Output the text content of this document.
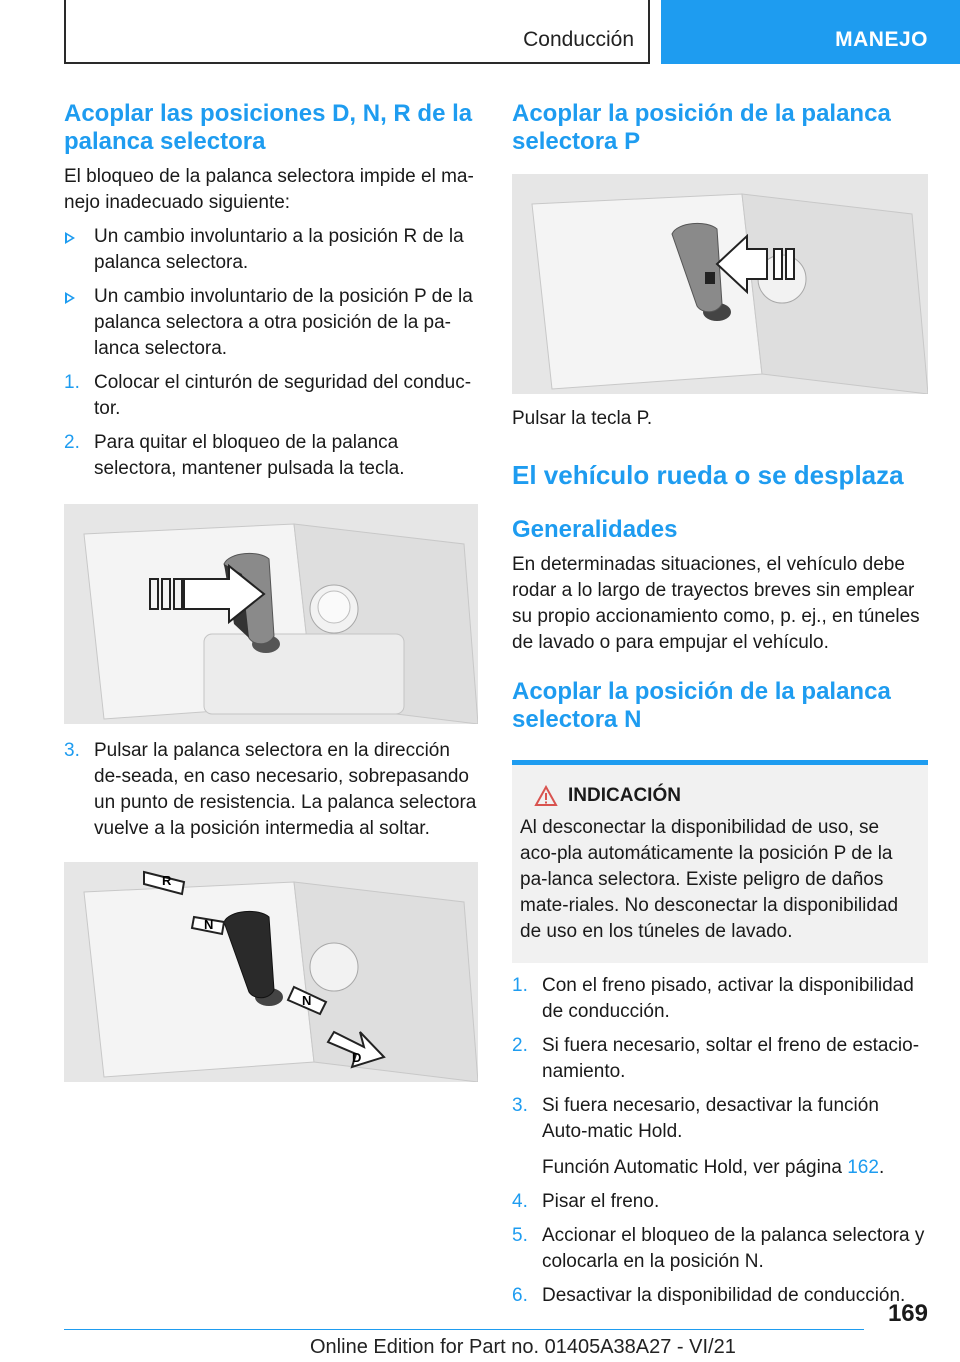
Conducción	MANEJO
Acoplar las posiciones D, N, R de la palanca selectora

El bloqueo de la palanca selectora impide el ma-nejo inadecuado siguiente:

Un cambio involuntario a la posición R de la palanca selectora.
Un cambio involuntario de la posición P de la palanca selectora a otra posición de la pa-lanca selectora.
1. Colocar el cinturón de seguridad del conduc-tor.
2. Para quitar el bloqueo de la palanca selectora, mantener pulsada la tecla.
3. Pulsar la palanca selectora en la dirección de-seada, en caso necesario, sobrepasando un punto de resistencia. La palanca selectora vuelve a la posición intermedia al soltar.
R
N
N
D
Acoplar la posición de la palanca selectora P

Pulsar la tecla P.

El vehículo rueda o se desplaza
Generalidades

En determinadas situaciones, el vehículo debe rodar a lo largo de trayectos breves sin emplear su propio accionamiento como, p. ej., en túneles de lavado o para empujar el vehículo.

Acoplar la posición de la palanca selectora N
INDICACIÓN

Al desconectar la disponibilidad de uso, se aco-pla automáticamente la posición P de la pa-lanca selectora. Existe peligro de daños mate-riales. No desconectar la disponibilidad de uso en los túneles de lavado.

1. Con el freno pisado, activar la disponibilidad de conducción.
2. Si fuera necesario, soltar el freno de estacio-namiento.
3. Si fuera necesario, desactivar la función Auto-matic Hold.
Función Automatic Hold, ver página 162.
4. Pisar el freno.
5. Accionar el bloqueo de la palanca selectora y colocarla en la posición N.
6. Desactivar la disponibilidad de conducción.
169
Online Edition for Part no. 01405A38A27 - VI/21
